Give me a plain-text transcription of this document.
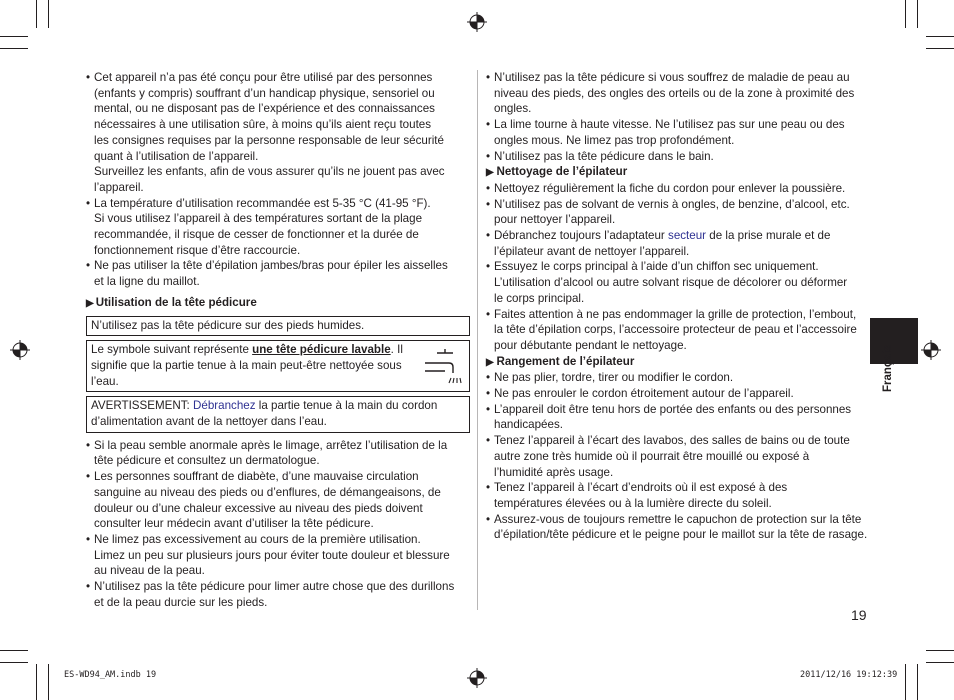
• Cet appareil n’a pas été conçu pour être utilisé par des personnes
(enfants y compris) souffrant d’un handicap physique, sensoriel ou
mental, ou ne disposant pas de l’expérience et des connaissances
nécessaires à une utilisation sûre, à moins qu’ils aient reçu toutes
les consignes requises par la personne responsable de leur sécurité
quant à l’utilisation de l’appareil.
Surveillez les enfants, afin de vous assurer qu’ils ne jouent pas avec
l’appareil.
• La température d’utilisation recommandée est 5-35 °C (41-95 °F).
Si vous utilisez l’appareil à des températures sortant de la plage
recommandée, il risque de cesser de fonctionner et la durée de
fonctionnement risque d’être raccourcie.
• Ne pas utiliser la tête d’épilation jambes/bras pour épiler les aisselles
et la ligne du maillot.
▶ Utilisation de la tête pédicure
N’utilisez pas la tête pédicure sur des pieds humides.
Le symbole suivant représente une tête pédicure lavable. Il
signifie que la partie tenue à la main peut-être nettoyée sous
l’eau.
AVERTISSEMENT: Débranchez la partie tenue à la main du cordon
d’alimentation avant de la nettoyer dans l’eau.
• Si la peau semble anormale après le limage, arrêtez l’utilisation de la
tête pédicure et consultez un dermatologue.
• Les personnes souffrant de diabète, d’une mauvaise circulation
sanguine au niveau des pieds ou d’enflures, de démangeaisons, de
douleur ou d’une chaleur excessive au niveau des pieds doivent
consulter leur médecin avant d’utiliser la tête pédicure.
• Ne limez pas excessivement au cours de la première utilisation.
Limez un peu sur plusieurs jours pour éviter toute douleur et blessure
au niveau de la peau.
• N’utilisez pas la tête pédicure pour limer autre chose que des durillons
et de la peau durcie sur les pieds.
• N’utilisez pas la tête pédicure si vous souffrez de maladie de peau au
niveau des pieds, des ongles des orteils ou de la zone à proximité des
ongles.
• La lime tourne à haute vitesse. Ne l’utilisez pas sur une peau ou des
ongles mous. Ne limez pas trop profondément.
• N’utilisez pas la tête pédicure dans le bain.
▶ Nettoyage de l’épilateur
• Nettoyez régulièrement la fiche du cordon pour enlever la poussière.
• N’utilisez pas de solvant de vernis à ongles, de benzine, d’alcool, etc.
pour nettoyer l’appareil.
• Débranchez toujours l’adaptateur secteur de la prise murale et de
l’épilateur avant de nettoyer l’appareil.
• Essuyez le corps principal à l’aide d’un chiffon sec uniquement.
L’utilisation d’alcool ou autre solvant risque de décolorer ou déformer
le corps principal.
• Faites attention à ne pas endommager la grille de protection, l’embout,
la tête d’épilation corps, l’accessoire protecteur de peau et l’accessoire
pour débutante pendant le nettoyage.
▶ Rangement de l’épilateur
• Ne pas plier, tordre, tirer ou modifier le cordon.
• Ne pas enrouler le cordon étroitement autour de l’appareil.
• L’appareil doit être tenu hors de portée des enfants ou des personnes
handicapées.
• Tenez l’appareil à l’écart des lavabos, des salles de bains ou de toute
autre zone très humide où il pourrait être mouillé ou exposé à
l’humidité après usage.
• Tenez l’appareil à l’écart d’endroits où il est exposé à des
températures élevées ou à la lumière directe du soleil.
• Assurez-vous de toujours remettre le capuchon de protection sur la tête
d’épilation/tête pédicure et le peigne pour le maillot sur la tête de rasage.
Français
19
ES-WD94_AM.indb 19	2011/12/16 19:12:39
